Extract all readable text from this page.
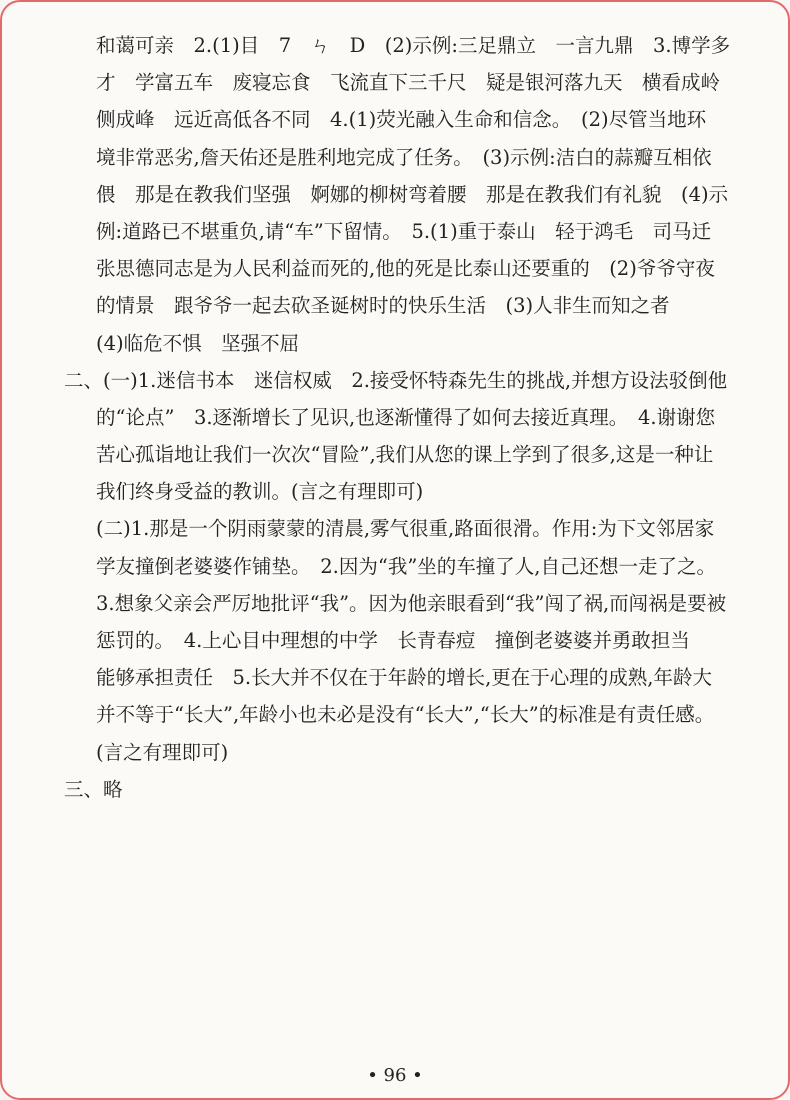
和蔼可亲　2.(1)目　7　ㄣ　D　(2)示例:三足鼎立　一言九鼎　3.博学多
才　学富五车　废寝忘食　飞流直下三千尺　疑是银河落九天　横看成岭
侧成峰　远近高低各不同　4.(1)荧光融入生命和信念。　(2)尽管当地环
境非常恶劣,詹天佑还是胜利地完成了任务。　(3)示例:洁白的蒜瓣互相依
偎　那是在教我们坚强　婀娜的柳树弯着腰　那是在教我们有礼貌　(4)示
例:道路已不堪重负,请“车”下留情。　5.(1)重于泰山　轻于鸿毛　司马迁
张思德同志是为人民利益而死的,他的死是比泰山还要重的　(2)爷爷守夜
的情景　跟爷爷一起去砍圣诞树时的快乐生活　(3)人非生而知之者
(4)临危不惧　坚强不屈
二、(一)1.迷信书本　迷信权威　2.接受怀特森先生的挑战,并想方设法驳倒他
的“论点”　3.逐渐增长了见识,也逐渐懂得了如何去接近真理。　4.谢谢您
苦心孤诣地让我们一次次“冒险”,我们从您的课上学到了很多,这是一种让
我们终身受益的教训。(言之有理即可)
(二)1.那是一个阴雨蒙蒙的清晨,雾气很重,路面很滑。作用:为下文邻居家
学友撞倒老婆婆作铺垫。　2.因为“我”坐的车撞了人,自己还想一走了之。
3.想象父亲会严厉地批评“我”。因为他亲眼看到“我”闯了祸,而闯祸是要被
惩罚的。　4.上心目中理想的中学　长青春痘　撞倒老婆婆并勇敢担当
能够承担责任　5.长大并不仅在于年龄的增长,更在于心理的成熟,年龄大
并不等于“长大”,年龄小也未必是没有“长大”,“长大”的标准是有责任感。
(言之有理即可)
三、略
• 96 •
